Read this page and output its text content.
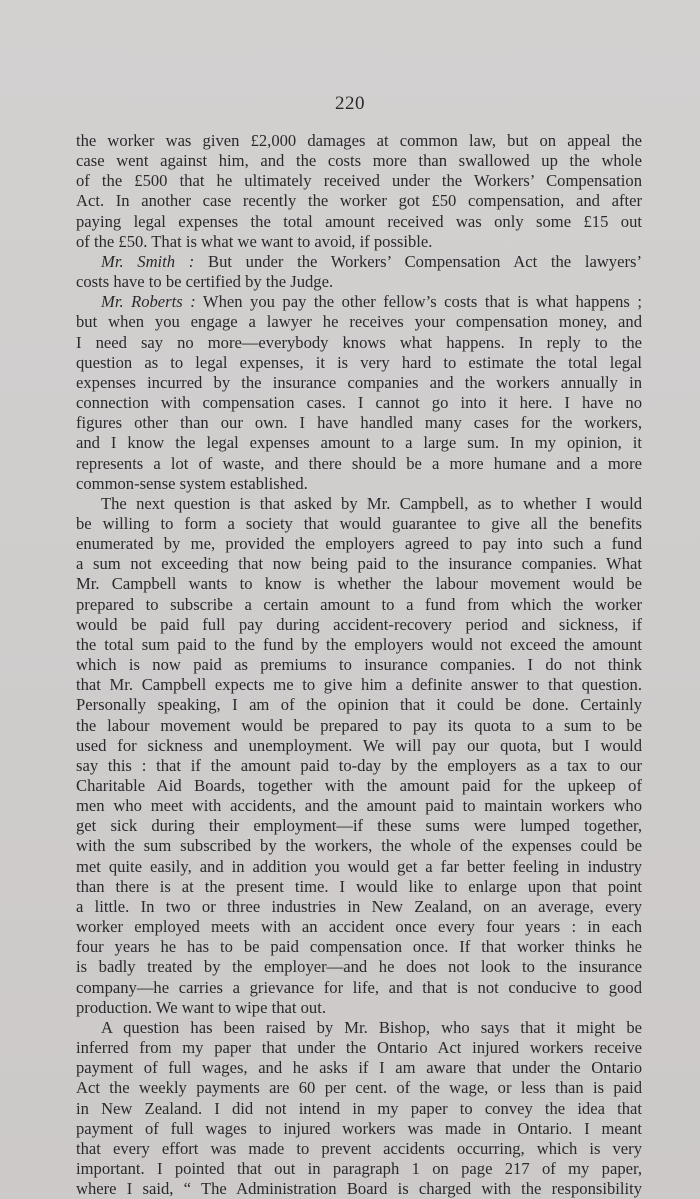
220
the worker was given £2,000 damages at common law, but on appeal the
case went against him, and the costs more than swallowed up the whole
of the £500 that he ultimately received under the Workers’ Compensation
Act. In another case recently the worker got £50 compensation, and after
paying legal expenses the total amount received was only some £15 out
of the £50. That is what we want to avoid, if possible.
Mr. Smith : But under the Workers’ Compensation Act the lawyers’
costs have to be certified by the Judge.
Mr. Roberts : When you pay the other fellow’s costs that is what happens ;
but when you engage a lawyer he receives your compensation money, and
I need say no more—everybody knows what happens. In reply to the
question as to legal expenses, it is very hard to estimate the total legal
expenses incurred by the insurance companies and the workers annually in
connection with compensation cases. I cannot go into it here. I have no
figures other than our own. I have handled many cases for the workers,
and I know the legal expenses amount to a large sum. In my opinion, it
represents a lot of waste, and there should be a more humane and a more
common-sense system established.
The next question is that asked by Mr. Campbell, as to whether I would
be willing to form a society that would guarantee to give all the benefits
enumerated by me, provided the employers agreed to pay into such a fund
a sum not exceeding that now being paid to the insurance companies. What
Mr. Campbell wants to know is whether the labour movement would be
prepared to subscribe a certain amount to a fund from which the worker
would be paid full pay during accident-recovery period and sickness, if
the total sum paid to the fund by the employers would not exceed the amount
which is now paid as premiums to insurance companies. I do not think
that Mr. Campbell expects me to give him a definite answer to that question.
Personally speaking, I am of the opinion that it could be done. Certainly
the labour movement would be prepared to pay its quota to a sum to be
used for sickness and unemployment. We will pay our quota, but I would
say this : that if the amount paid to-day by the employers as a tax to our
Charitable Aid Boards, together with the amount paid for the upkeep of
men who meet with accidents, and the amount paid to maintain workers who
get sick during their employment—if these sums were lumped together,
with the sum subscribed by the workers, the whole of the expenses could be
met quite easily, and in addition you would get a far better feeling in industry
than there is at the present time. I would like to enlarge upon that point
a little. In two or three industries in New Zealand, on an average, every
worker employed meets with an accident once every four years : in each
four years he has to be paid compensation once. If that worker thinks he
is badly treated by the employer—and he does not look to the insurance
company—he carries a grievance for life, and that is not conducive to good
production. We want to wipe that out.
A question has been raised by Mr. Bishop, who says that it might be
inferred from my paper that under the Ontario Act injured workers receive
payment of full wages, and he asks if I am aware that under the Ontario
Act the weekly payments are 60 per cent. of the wage, or less than is paid
in New Zealand. I did not intend in my paper to convey the idea that
payment of full wages to injured workers was made in Ontario. I meant
that every effort was made to prevent accidents occurring, which is very
important. I pointed that out in paragraph 1 on page 217 of my paper,
where I said, “ The Administration Board is charged with the responsibility
